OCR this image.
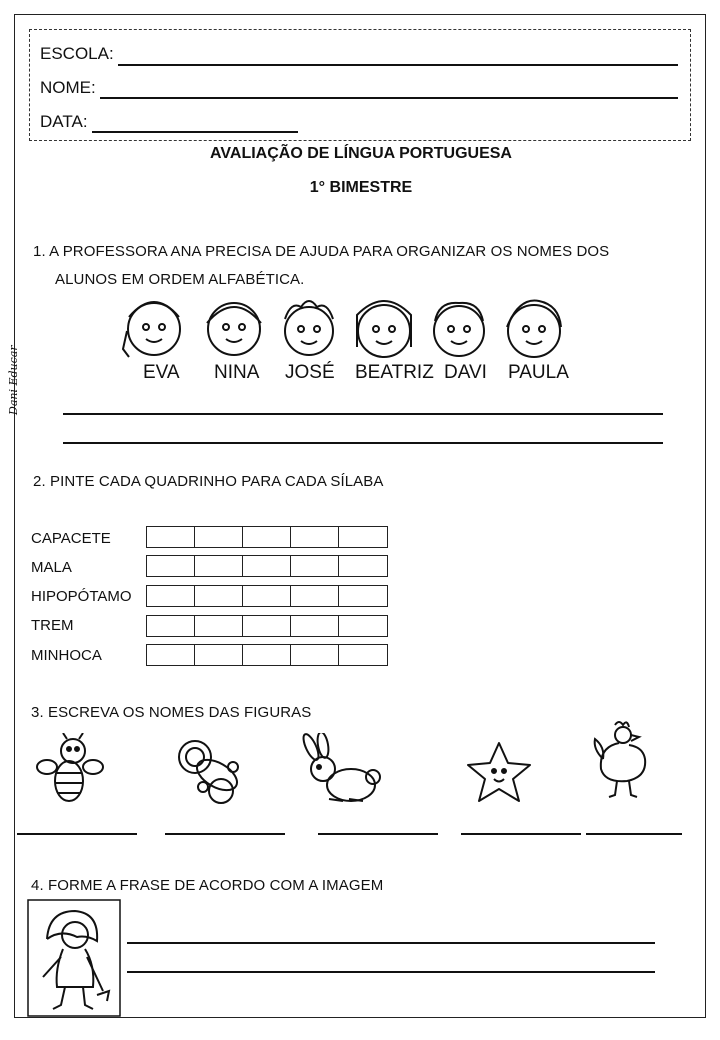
ESCOLA:
NOME:
DATA:
AVALIAÇÃO DE LÍNGUA PORTUGUESA
1° BIMESTRE
Dani Educar
1. A PROFESSORA ANA PRECISA DE AJUDA PARA ORGANIZAR OS NOMES DOS
ALUNOS EM ORDEM ALFABÉTICA.
EVA NINA JOSÉ BEATRIZ DAVI PAULA
2. PINTE CADA QUADRINHO PARA CADA SÍLABA
CAPACETE
MALA
HIPOPÓTAMO
TREM
MINHOCA
3. ESCREVA OS NOMES DAS FIGURAS
4. FORME A FRASE DE ACORDO COM A IMAGEM
